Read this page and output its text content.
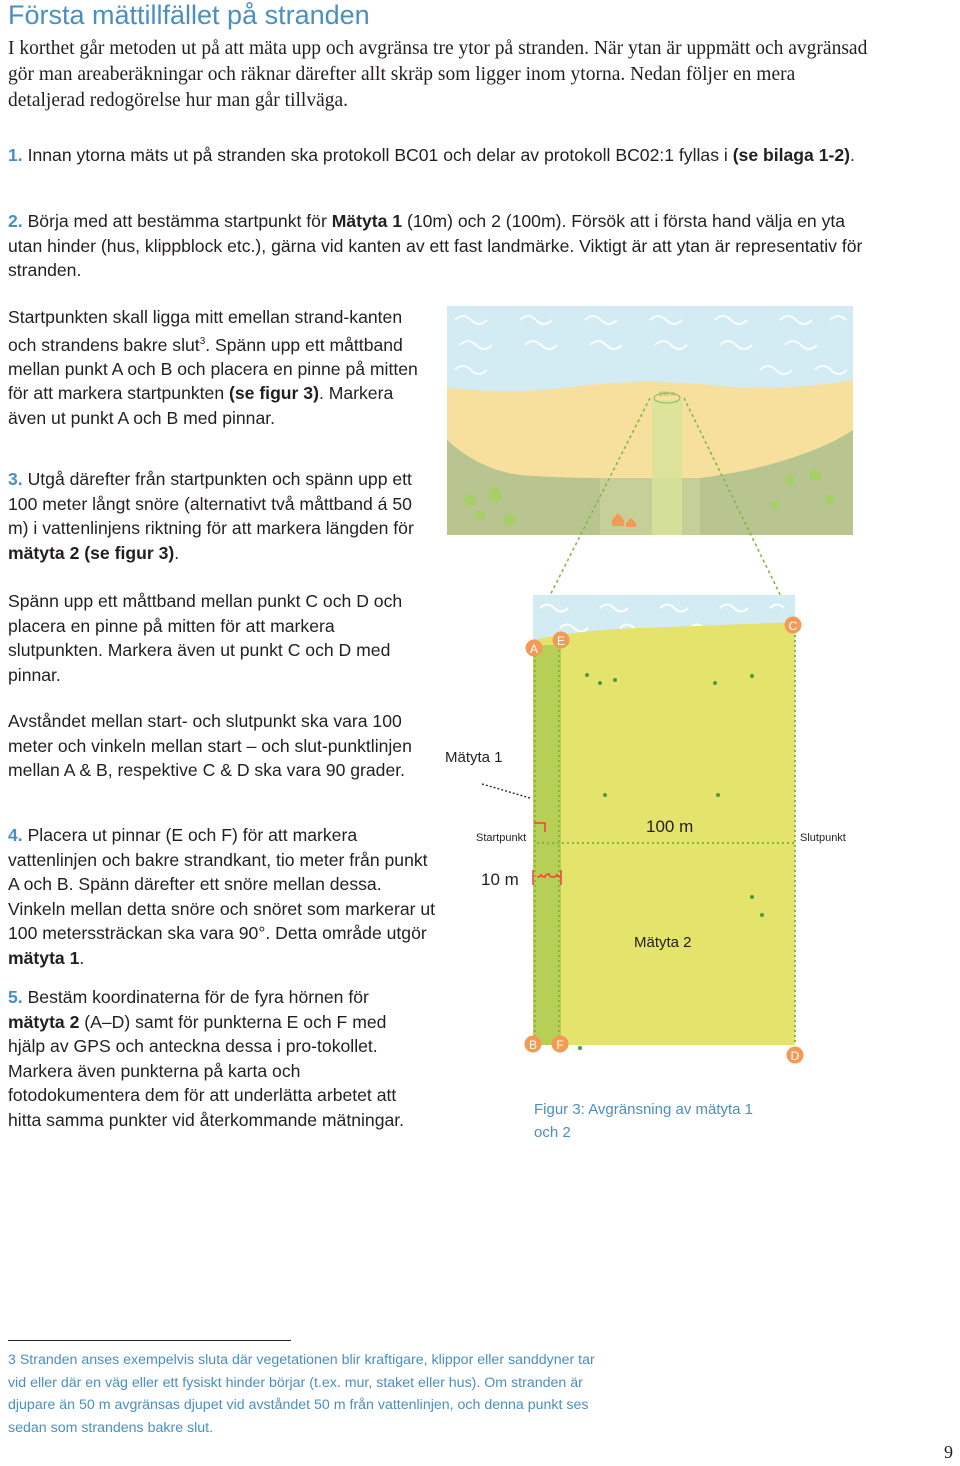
Första mättillfället på stranden

I korthet går metoden ut på att mäta upp och avgränsa tre ytor på stranden. När ytan är uppmätt och avgränsad gör man areaberäkningar och räknar därefter allt skräp som ligger inom ytorna. Nedan följer en mera detaljerad redogörelse hur man går tillväga.

1. Innan ytorna mäts ut på stranden ska protokoll BC01 och delar av protokoll BC02:1 fyllas i (se bilaga 1-2).

2. Börja med att bestämma startpunkt för Mätyta 1 (10m) och 2 (100m). Försök att i första hand välja en yta utan hinder (hus, klippblock etc.), gärna vid kanten av ett fast landmärke. Viktigt är att ytan är representativ för stranden.

Startpunkten skall ligga mitt emellan strand-kanten och strandens bakre slut$^3$. Spänn upp ett måttband mellan punkt A och B och placera en pinne på mitten för att markera startpunkten (se figur 3). Markera även ut punkt A och B med pinnar.

3. Utgå därefter från startpunkten och spänn upp ett 100 meter långt snöre (alternativt två måttband á 50 m) i vattenlinjens riktning för att markera längden för mätyta 2 (se figur 3).

Spänn upp ett måttband mellan punkt C och D och placera en pinne på mitten för att markera slutpunkten. Markera även ut punkt C och D med pinnar.

Avståndet mellan start- och slutpunkt ska vara 100 meter och vinkeln mellan start – och slut-punktlinjen mellan A & B, respektive C & D ska vara 90 grader.

4. Placera ut pinnar (E och F) för att markera vattenlinjen och bakre strandkant, tio meter från punkt A och B. Spänn därefter ett snöre mellan dessa. Vinkeln mellan detta snöre och snöret som markerar ut 100 meterssträckan ska vara 90°. Detta område utgör mätyta 1.

5. Bestäm koordinaterna för de fyra hörnen för mätyta 2 (A–D) samt för punkterna E och F med hjälp av GPS och anteckna dessa i pro-tokollet. Markera även punkterna på karta och fotodokumentera dem för att underlätta arbetet att hitta samma punkter vid återkommande mätningar.

100 m
A
E
C
B F
D
Mätyta 1
Mätyta 2
Startpunkt	Slutpunkt
100 m
10 m
Figur 3: Avgränsning av mätyta 1 och 2

3 Stranden anses exempelvis sluta där vegetationen blir kraftigare, klippor eller sanddyner tar vid eller där en väg eller ett fysiskt hinder börjar (t.ex. mur, staket eller hus). Om stranden är djupare än 50 m avgränsas djupet vid avståndet 50 m från vattenlinjen, och denna punkt ses sedan som strandens bakre slut.

9
